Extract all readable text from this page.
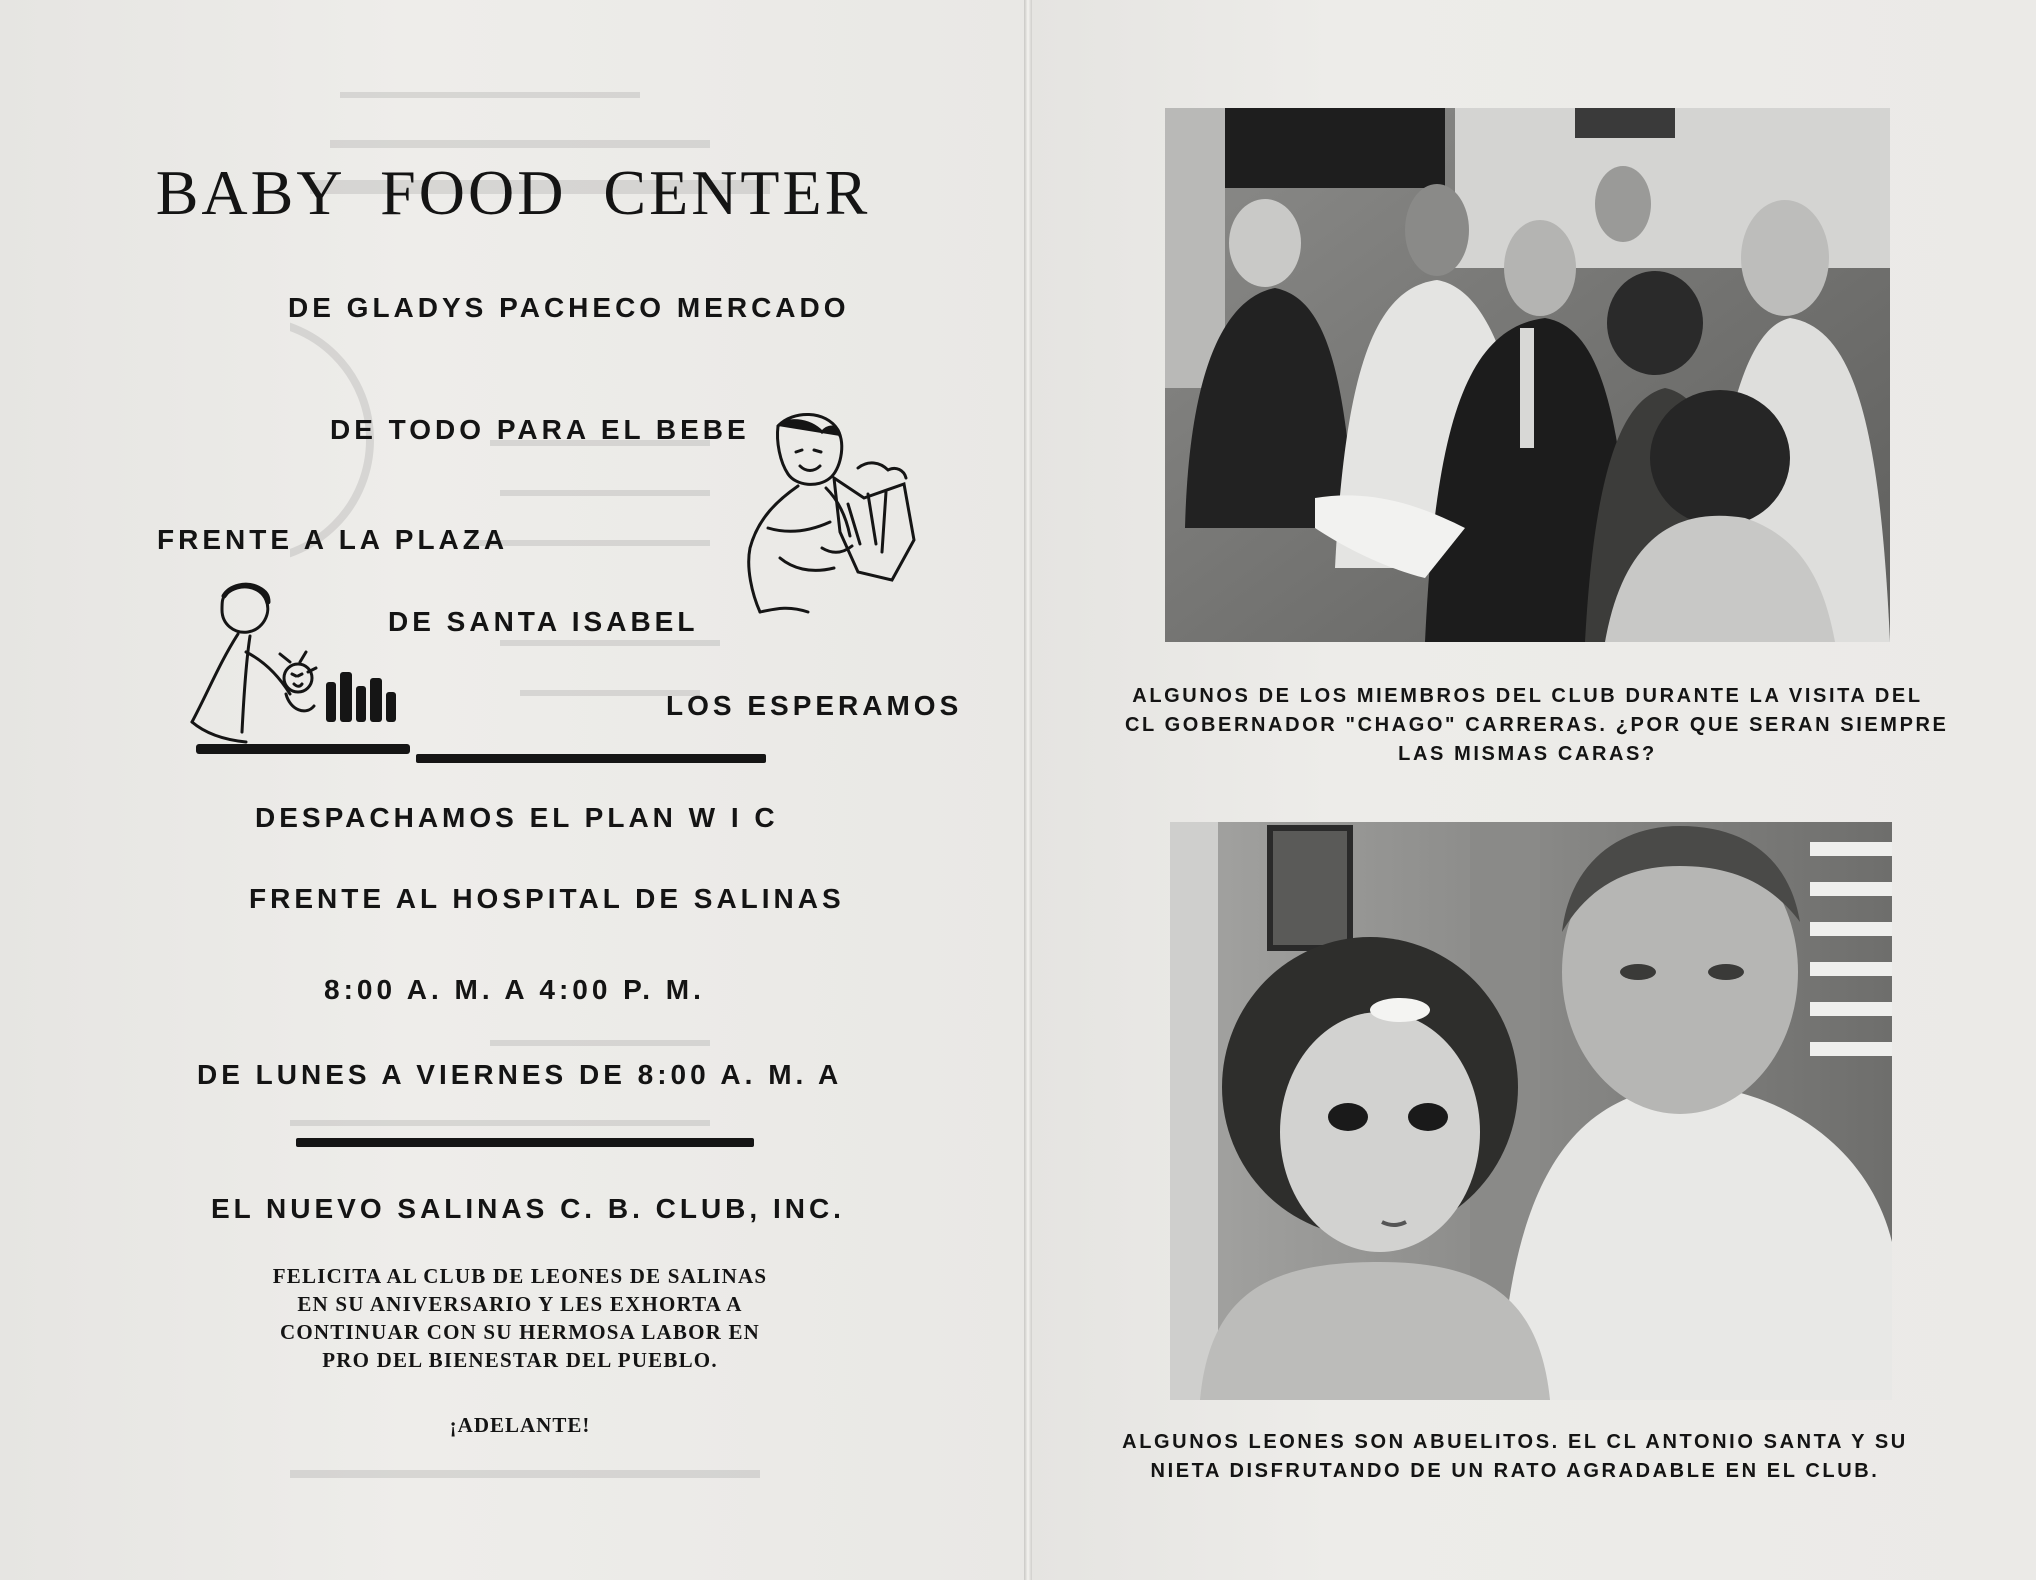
BABY FOOD CENTER
DE GLADYS PACHECO MERCADO
DE TODO PARA EL BEBE
FRENTE A LA PLAZA
DE SANTA ISABEL
LOS ESPERAMOS
DESPACHAMOS EL PLAN W I C
FRENTE AL HOSPITAL DE SALINAS
8:00 A. M. A 4:00 P. M.
DE LUNES A VIERNES DE 8:00 A. M. A
EL NUEVO SALINAS C. B. CLUB, INC.
FELICITA AL CLUB DE LEONES DE SALINAS
EN SU ANIVERSARIO Y LES EXHORTA A
CONTINUAR CON SU HERMOSA LABOR EN
PRO DEL BIENESTAR DEL PUEBLO.
¡ADELANTE!
ALGUNOS DE LOS MIEMBROS DEL CLUB DURANTE LA VISITA DEL
CL GOBERNADOR "CHAGO" CARRERAS. ¿POR QUE SERAN SIEMPRE
LAS MISMAS CARAS?
ALGUNOS LEONES SON ABUELITOS. EL CL ANTONIO SANTA Y SU
NIETA DISFRUTANDO DE UN RATO AGRADABLE EN EL CLUB.
